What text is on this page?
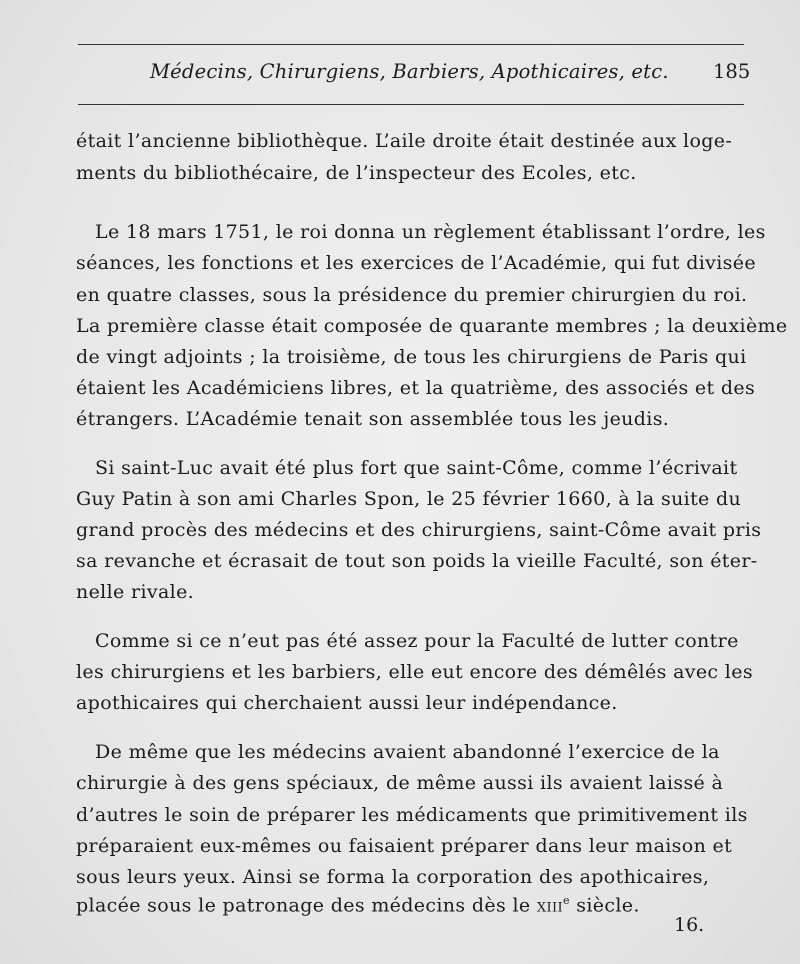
Médecins, Chirurgiens, Barbiers, Apothicaires, etc. 185

était l’ancienne bibliothèque. L’aile droite était destinée aux loge-

ments du bibliothécaire, de l’inspecteur des Ecoles, etc.

Le 18 mars 1751, le roi donna un règlement établissant l’ordre, les

séances, les fonctions et les exercices de l’Académie, qui fut divisée

en quatre classes, sous la présidence du premier chirurgien du roi.

La première classe était composée de quarante membres ; la deuxième

de vingt adjoints ; la troisième, de tous les chirurgiens de Paris qui

étaient les Académiciens libres, et la quatrième, des associés et des

étrangers. L’Académie tenait son assemblée tous les jeudis.

Si saint-Luc avait été plus fort que saint-Côme, comme l’écrivait

Guy Patin à son ami Charles Spon, le 25 février 1660, à la suite du

grand procès des médecins et des chirurgiens, saint-Côme avait pris

sa revanche et écrasait de tout son poids la vieille Faculté, son éter-

nelle rivale.

Comme si ce n’eut pas été assez pour la Faculté de lutter contre

les chirurgiens et les barbiers, elle eut encore des démêlés avec les

apothicaires qui cherchaient aussi leur indépendance.

De même que les médecins avaient abandonné l’exercice de la

chirurgie à des gens spéciaux, de même aussi ils avaient laissé à

d’autres le soin de préparer les médicaments que primitivement ils

préparaient eux-mêmes ou faisaient préparer dans leur maison et

sous leurs yeux. Ainsi se forma la corporation des apothicaires,

placée sous le patronage des médecins dès le xiii$^e$ siècle.

16.
